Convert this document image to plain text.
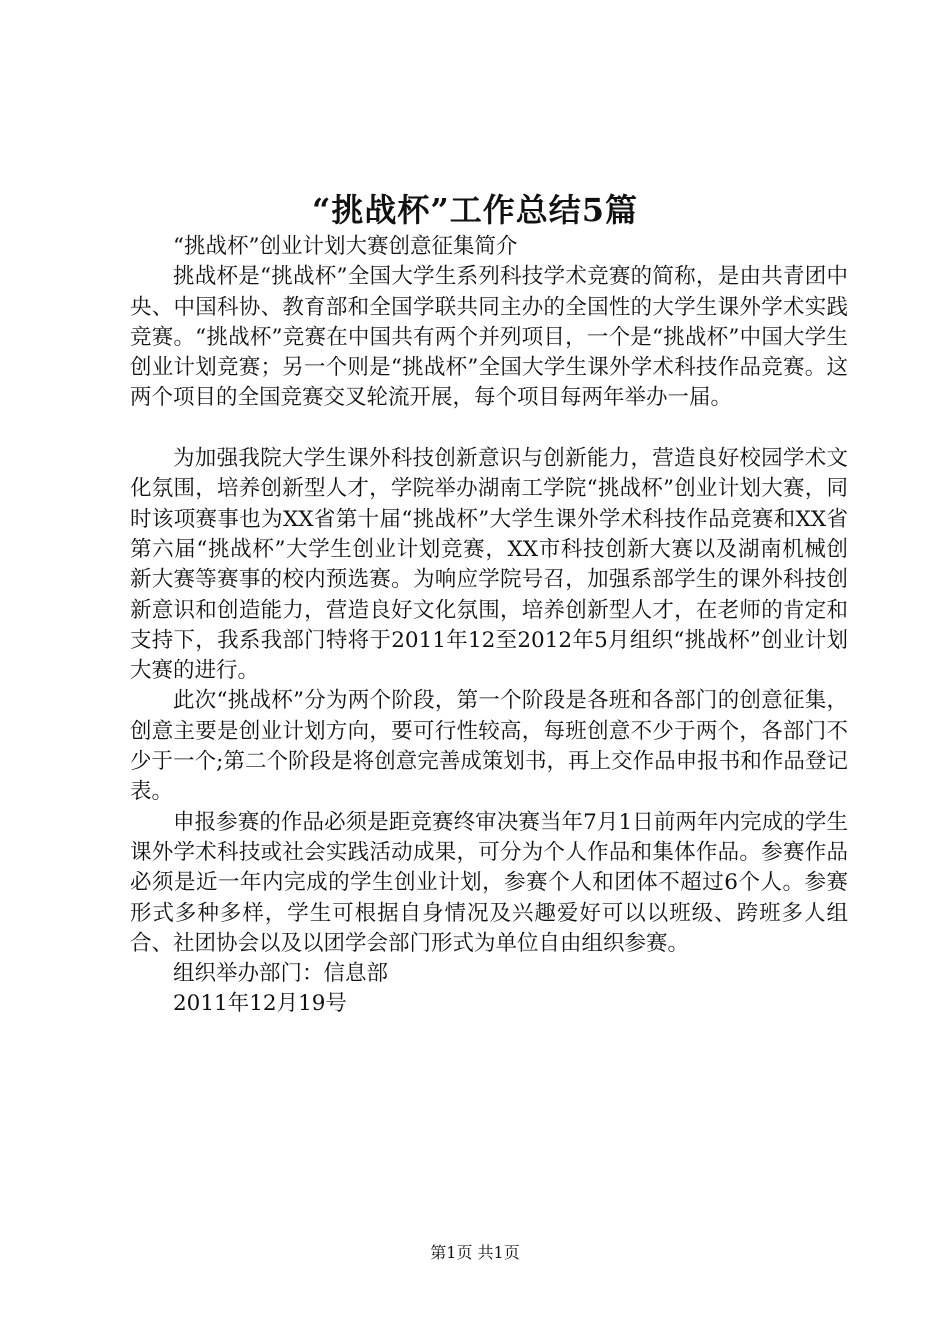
“挑战杯”工作总结5篇

“挑战杯”创业计划大赛创意征集简介

挑战杯是“挑战杯”全国大学生系列科技学术竞赛的简称，是由共青团中央、中国科协、教育部和全国学联共同主办的全国性的大学生课外学术实践竞赛。“挑战杯”竞赛在中国共有两个并列项目，一个是“挑战杯”中国大学生创业计划竞赛；另一个则是“挑战杯”全国大学生课外学术科技作品竞赛。这两个项目的全国竞赛交叉轮流开展，每个项目每两年举办一届。

为加强我院大学生课外科技创新意识与创新能力，营造良好校园学术文化氛围，培养创新型人才，学院举办湖南工学院“挑战杯”创业计划大赛，同时该项赛事也为XX省第十届“挑战杯”大学生课外学术科技作品竞赛和XX省第六届“挑战杯”大学生创业计划竞赛，XX市科技创新大赛以及湖南机械创新大赛等赛事的校内预选赛。为响应学院号召，加强系部学生的课外科技创新意识和创造能力，营造良好文化氛围，培养创新型人才，在老师的肯定和支持下，我系我部门特将于2011年12至2012年5月组织“挑战杯”创业计划大赛的进行。

此次“挑战杯”分为两个阶段，第一个阶段是各班和各部门的创意征集，创意主要是创业计划方向，要可行性较高，每班创意不少于两个，各部门不少于一个;第二个阶段是将创意完善成策划书，再上交作品申报书和作品登记表。

申报参赛的作品必须是距竞赛终审决赛当年7月1日前两年内完成的学生课外学术科技或社会实践活动成果，可分为个人作品和集体作品。参赛作品必须是近一年内完成的学生创业计划，参赛个人和团体不超过6个人。参赛形式多种多样，学生可根据自身情况及兴趣爱好可以以班级、跨班多人组合、社团协会以及以团学会部门形式为单位自由组织参赛。

组织举办部门：信息部

2011年12月19号

第1页 共1页
